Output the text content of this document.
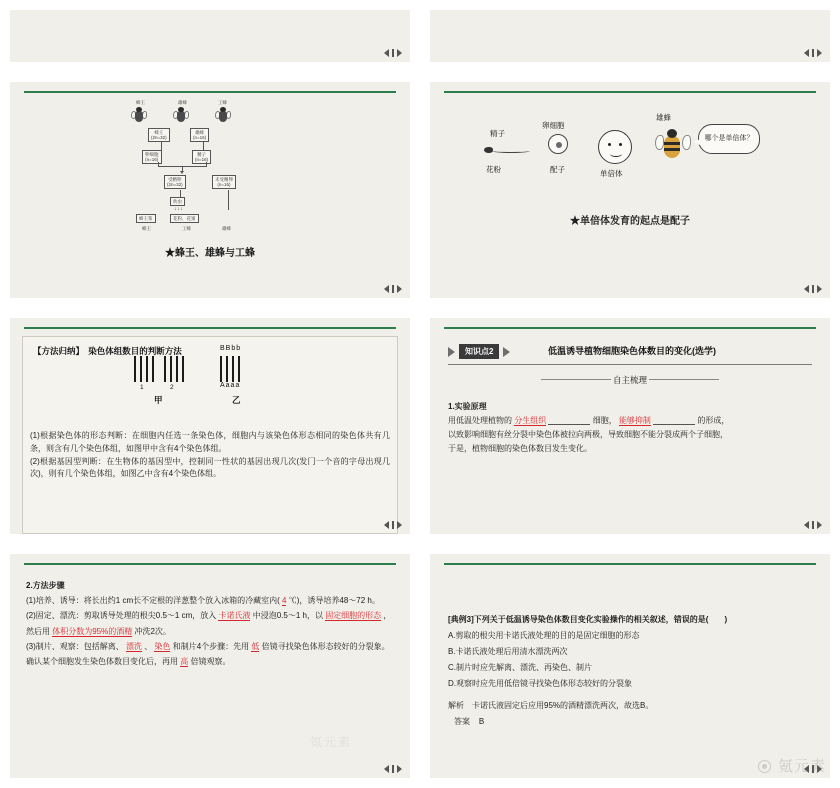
蜂王	雄蜂	工蜂
蜂王
(2n=32)
雄蜂
(n=16)
卵细胞
(n=16)
精子
(n=16)
受精卵
(2n=32)
未受精卵
(n=16)
幼虫
↓↓↓
蜂王浆	花粉、花蜜
蜂王	工蜂	雄蜂
★蜂王、雄蜂与工蜂
精子
花粉
卵细胞
配子	单倍体
雄蜂
哪个是单倍体？
★单倍体发育的起点是配子
【方法归纳】　染色体组数目的判断方法
1	2
甲
BBbb
Aaaa
乙

(1)根据染色体的形态判断：在细胞内任选一条染色体，细胞内与该染色体形态相同的染色体共有几条，则含有几个染色体组，如图甲中含有4个染色体组。

(2)根据基因型判断：在生物体的基因型中，控制同一性状的基因出现几次(发冂一个音的字母出现几次)，则有几个染色体组，如图乙中含有4个染色体组。

知识点2	低温诱导植物细胞染色体数目的变化(选学)
自主梳理
1.实验原理
用低温处理植物的 分生组织	细胞， 能够抑制	的形成，
以致影响细胞有丝分裂中染色体被拉向两极，导致细胞不能分裂成两个子细胞，
于是，植物细胞的染色体数目发生变化。
2.方法步骤
(1)培养、诱导：将长出约1 cm长不定根的洋葱整个放入冰箱的冷藏室内( 4 ℃)，诱导培养48～72 h。
(2)固定、漂洗：剪取诱导处理的根尖0.5～1 cm，放入 卡诺氏液 中浸泡0.5～1 h，以 固定细胞的形态 ，然后用 体积分数为95%的酒精 冲洗2次。
(3)制片、观察：包括解离、 漂洗 、 染色 和制片4个步骤：先用 低 倍镜寻找染色体形态较好的分裂象。确认某个细胞发生染色体数目变化后，再用 高 倍镜观察。
氪元素
[典例3]下列关于低温诱导染色体数目变化实验操作的相关叙述，错误的是(　　)
A.剪取的根尖用卡诺氏液处理的目的是固定细胞的形态
B.卡诺氏液处理后用清水漂洗两次
C.制片时应先解离、漂洗、再染色、制片
D.观察时应先用低倍镜寻找染色体形态较好的分裂象
解析　卡诺氏液固定后应用95%的酒精漂洗两次，故选B。
答案 B
氪元素
